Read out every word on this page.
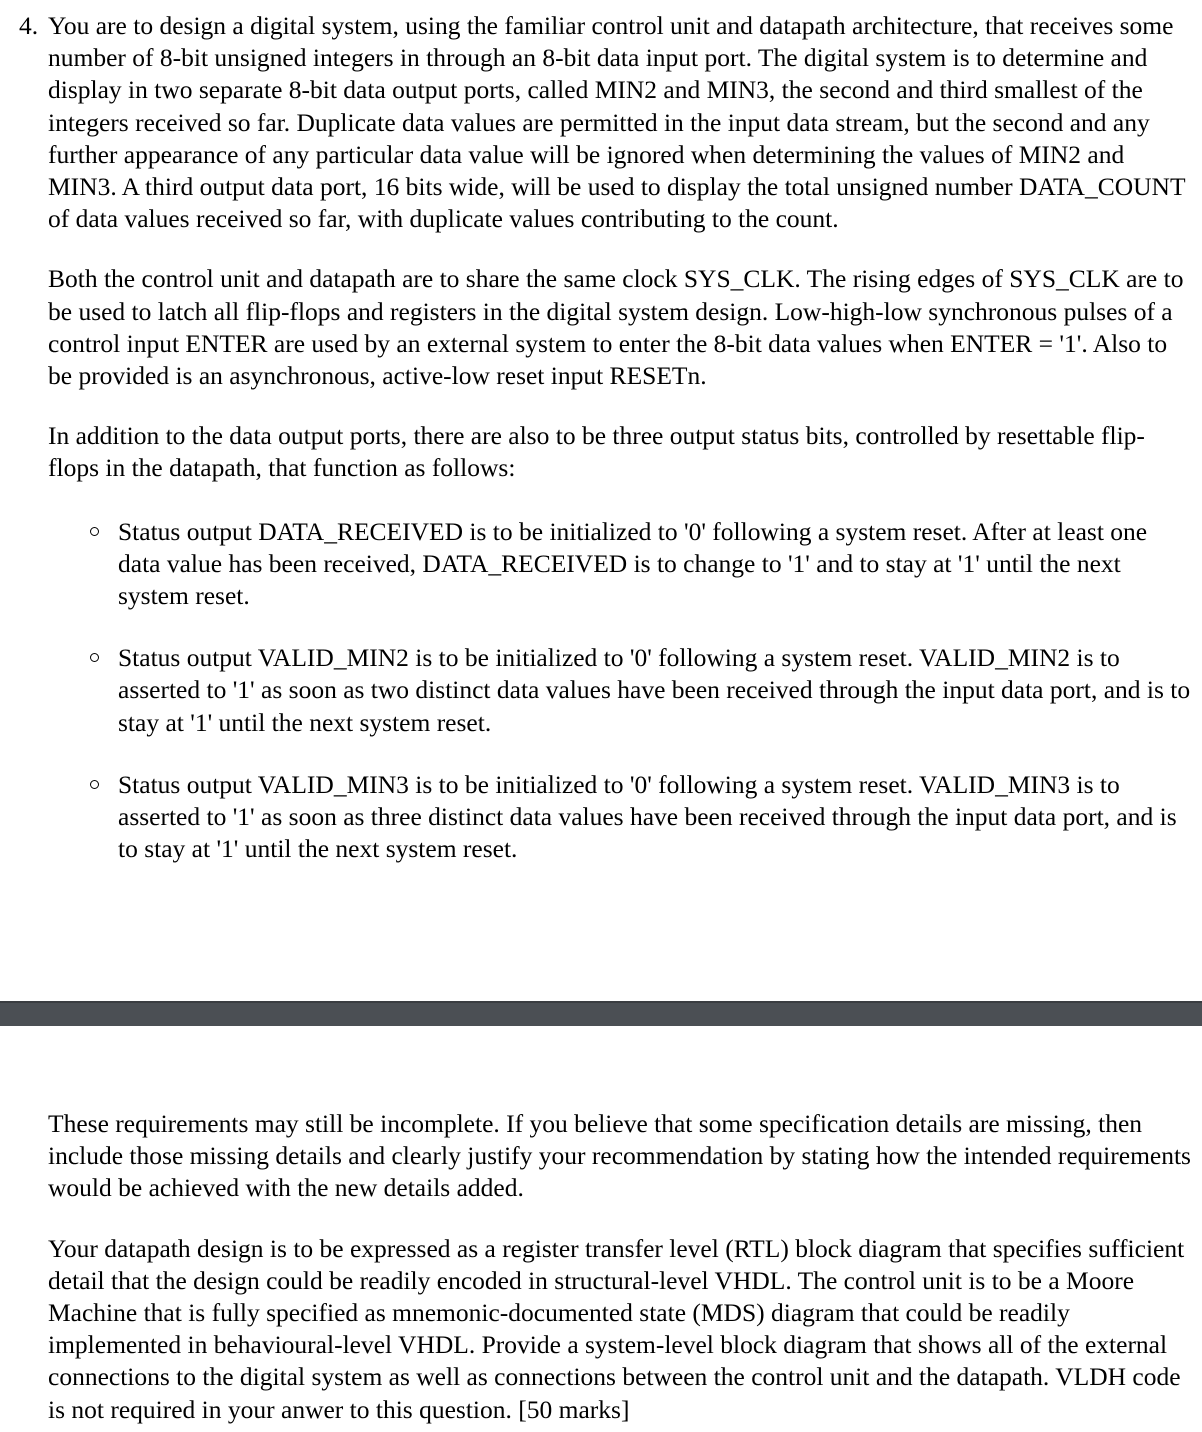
4. You are to design a digital system, using the familiar control unit and datapath architecture, that receives some number of 8-bit unsigned integers in through an 8-bit data input port. The digital system is to determine and display in two separate 8-bit data output ports, called MIN2 and MIN3, the second and third smallest of the integers received so far. Duplicate data values are permitted in the input data stream, but the second and any further appearance of any particular data value will be ignored when determining the values of MIN2 and MIN3. A third output data port, 16 bits wide, will be used to display the total unsigned number DATA_COUNT of data values received so far, with duplicate values contributing to the count.

Both the control unit and datapath are to share the same clock SYS_CLK. The rising edges of SYS_CLK are to be used to latch all flip-flops and registers in the digital system design. Low-high-low synchronous pulses of a control input ENTER are used by an external system to enter the 8-bit data values when ENTER = '1'. Also to be provided is an asynchronous, active-low reset input RESETn.

In addition to the data output ports, there are also to be three output status bits, controlled by resettable flip-flops in the datapath, that function as follows:

Status output DATA_RECEIVED is to be initialized to '0' following a system reset. After at least one data value has been received, DATA_RECEIVED is to change to '1' and to stay at '1' until the next system reset.
Status output VALID_MIN2 is to be initialized to '0' following a system reset. VALID_MIN2 is to asserted to '1' as soon as two distinct data values have been received through the input data port, and is to stay at '1' until the next system reset.
Status output VALID_MIN3 is to be initialized to '0' following a system reset. VALID_MIN3 is to asserted to '1' as soon as three distinct data values have been received through the input data port, and is to stay at '1' until the next system reset.

These requirements may still be incomplete. If you believe that some specification details are missing, then include those missing details and clearly justify your recommendation by stating how the intended requirements would be achieved with the new details added.

Your datapath design is to be expressed as a register transfer level (RTL) block diagram that specifies sufficient detail that the design could be readily encoded in structural-level VHDL. The control unit is to be a Moore Machine that is fully specified as mnemonic-documented state (MDS) diagram that could be readily implemented in behavioural-level VHDL. Provide a system-level block diagram that shows all of the external connections to the digital system as well as connections between the control unit and the datapath. VLDH code is not required in your anwer to this question. [50 marks]
